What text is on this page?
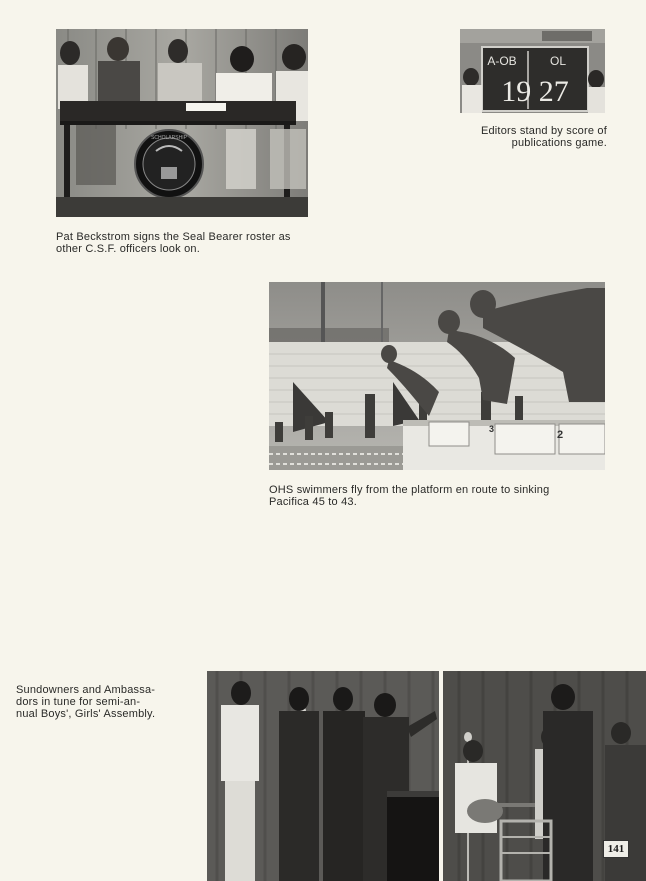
SCHOLARSHIP

Pat Beckstrom signs the Seal Bearer roster as
other C.S.F. officers look on.

A-OB	OL
19 27

Editors stand by score of
publications game.

3	2

OHS swimmers fly from the platform en route to sinking
Pacifica 45 to 43.

Sundowners and Ambassa-
dors in tune for semi-an-
nual Boys', Girls' Assembly.

141
